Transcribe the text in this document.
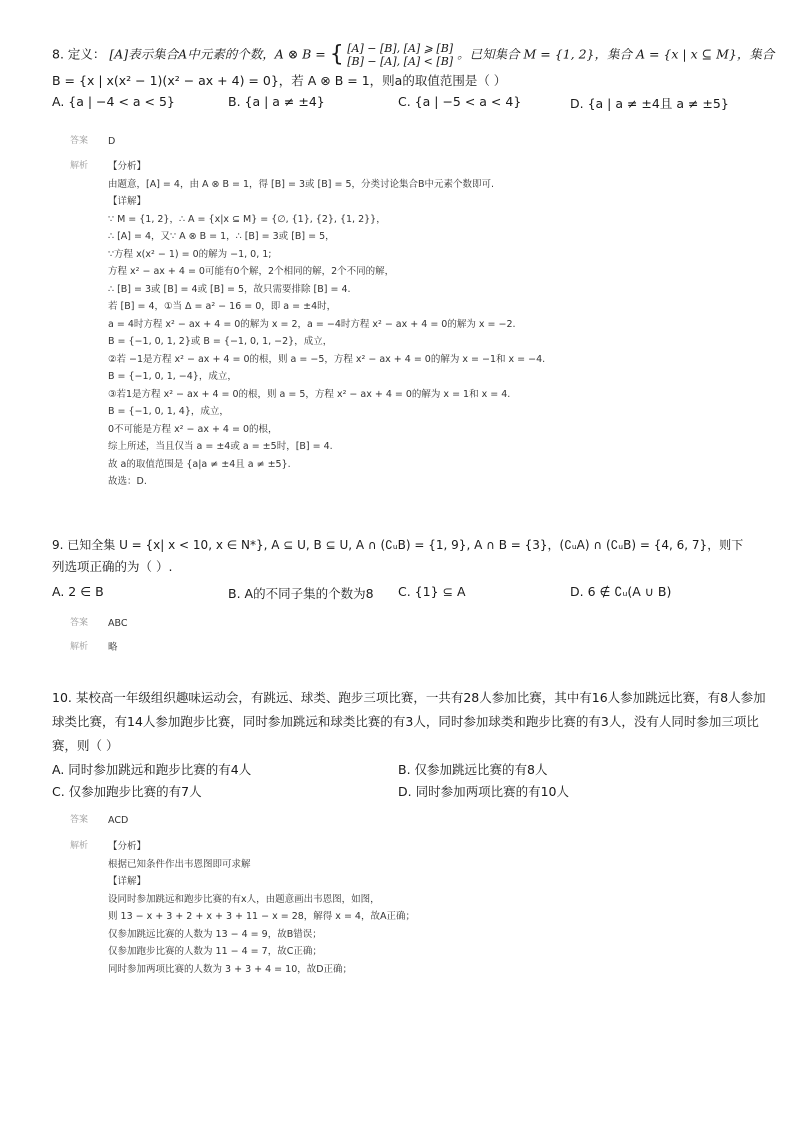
8. 定义： [A]表示集合A中元素的个数，A ⊗ B = { [A] − [B], [A] ⩾ [B]
[B] − [A], [A] < [B] 。已知集合 M = {1, 2}，集合 A = {x | x ⊆ M}，集合
B = {x | x(x² − 1)(x² − ax + 4) = 0}，若 A ⊗ B = 1，则a的取值范围是（ ）
A. {a | −4 < a < 5}	B. {a | a ≠ ±4}	C. {a | −5 < a < 4}	D. {a | a ≠ ±4且 a ≠ ±5}
答案 D
解析 【分析】
由题意，[A] = 4，由 A ⊗ B = 1，得 [B] = 3或 [B] = 5，分类讨论集合B中元素个数即可.
【详解】
∵ M = {1, 2}，∴ A = {x|x ⊆ M} = {∅, {1}, {2}, {1, 2}}，
∴ [A] = 4，又∵ A ⊗ B = 1，∴ [B] = 3或 [B] = 5，
∵方程 x(x² − 1) = 0的解为 −1, 0, 1;
方程 x² − ax + 4 = 0可能有0个解，2个相同的解，2个不同的解，
∴ [B] = 3或 [B] = 4或 [B] = 5，故只需要排除 [B] = 4.
若 [B] = 4，①当 Δ = a² − 16 = 0，即 a = ±4时，
a = 4时方程 x² − ax + 4 = 0的解为 x = 2，a = −4时方程 x² − ax + 4 = 0的解为 x = −2.
B = {−1, 0, 1, 2}或 B = {−1, 0, 1, −2}，成立，
②若 −1是方程 x² − ax + 4 = 0的根，则 a = −5，方程 x² − ax + 4 = 0的解为 x = −1和 x = −4.
B = {−1, 0, 1, −4}，成立，
③若1是方程 x² − ax + 4 = 0的根，则 a = 5，方程 x² − ax + 4 = 0的解为 x = 1和 x = 4.
B = {−1, 0, 1, 4}，成立，
0不可能是方程 x² − ax + 4 = 0的根，
综上所述，当且仅当 a = ±4或 a = ±5时，[B] = 4.
故 a的取值范围是 {a|a ≠ ±4且 a ≠ ±5}.
故选：D.
9. 已知全集 U = {x| x < 10, x ∈ N*}, A ⊆ U, B ⊆ U, A ∩ (∁ᵤB) = {1, 9}, A ∩ B = {3}，(∁ᵤA) ∩ (∁ᵤB) = {4, 6, 7}，则下
列选项正确的为（ ）.
A. 2 ∈ B	B. A的不同子集的个数为8 C. {1} ⊆ A	D. 6 ∉ ∁ᵤ(A ∪ B)
答案 ABC
解析 略
10. 某校高一年级组织趣味运动会，有跳远、球类、跑步三项比赛，一共有28人参加比赛，其中有16人参加跳远比赛，有8人参加
球类比赛，有14人参加跑步比赛，同时参加跳远和球类比赛的有3人，同时参加球类和跑步比赛的有3人，没有人同时参加三项比
赛，则（ ）
A. 同时参加跳远和跑步比赛的有4人	B. 仅参加跳远比赛的有8人
C. 仅参加跑步比赛的有7人	D. 同时参加两项比赛的有10人
答案 ACD
解析 【分析】
根据已知条件作出韦恩图即可求解
【详解】
设同时参加跳远和跑步比赛的有x人，由题意画出韦恩图，如图，
则 13 − x + 3 + 2 + x + 3 + 11 − x = 28，解得 x = 4，故A正确；
仅参加跳远比赛的人数为 13 − 4 = 9，故B错误；
仅参加跑步比赛的人数为 11 − 4 = 7，故C正确；
同时参加两项比赛的人数为 3 + 3 + 4 = 10，故D正确；
